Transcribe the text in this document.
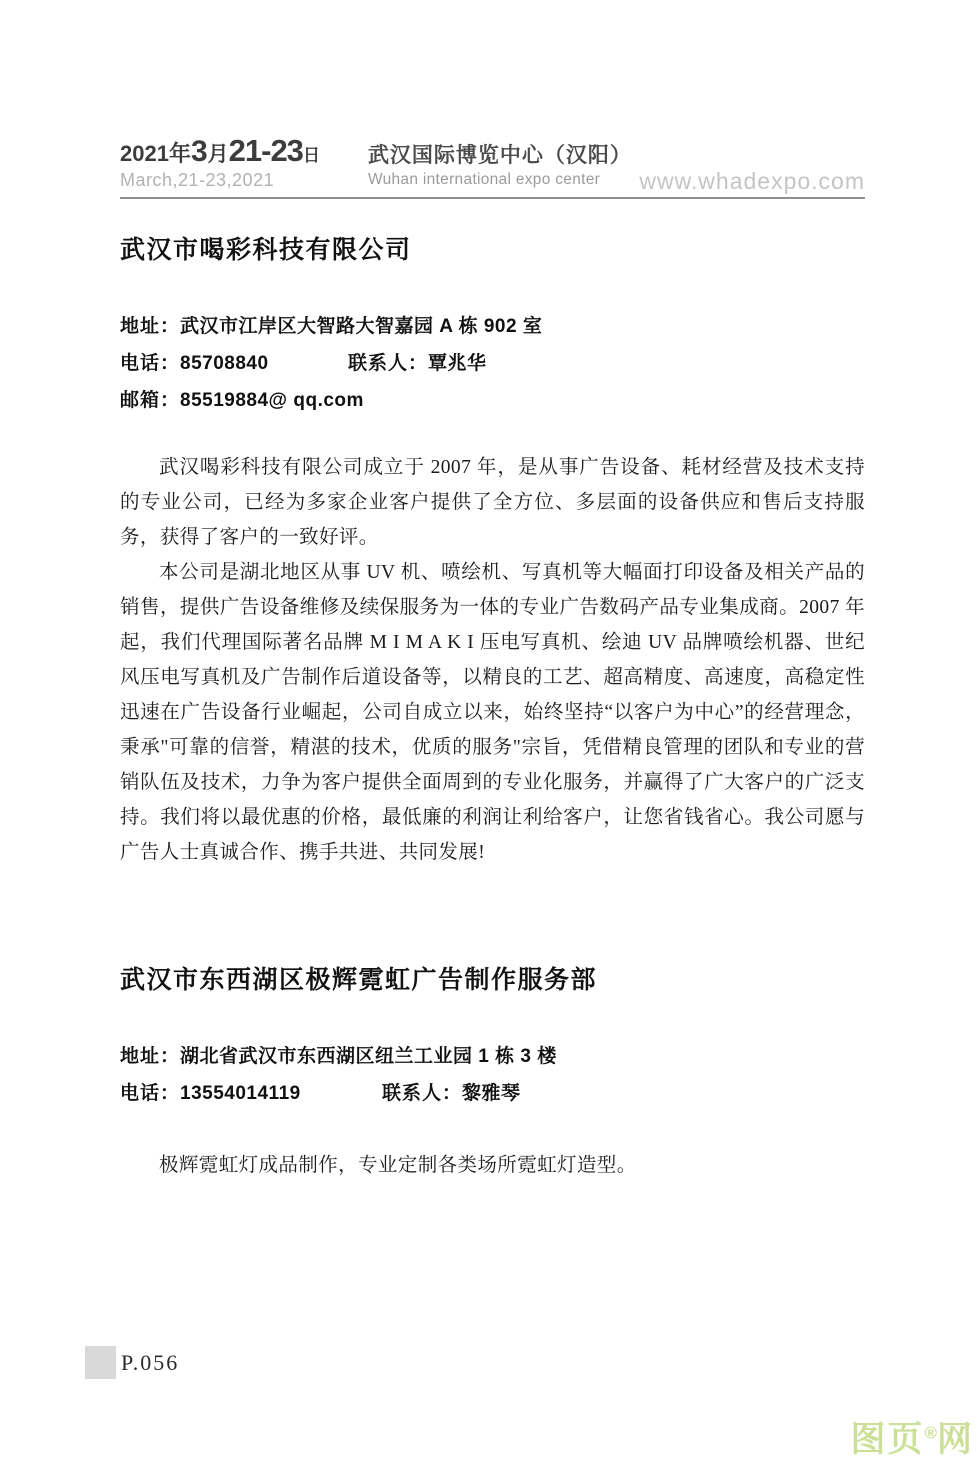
2021年 3 月 21-23 日
March,21-23,2021
武汉国际博览中心（汉阳）
Wuhan international expo center	www.whadexpo.com
武汉市喝彩科技有限公司
地址：武汉市江岸区大智路大智嘉园 A 栋 902 室
电话：85708840	联系人：覃兆华
邮箱：85519884@ qq.com

武汉喝彩科技有限公司成立于 2007 年，是从事广告设备、耗材经营及技术支持的专业公司，已经为多家企业客户提供了全方位、多层面的设备供应和售后支持服务，获得了客户的一致好评。

本公司是湖北地区从事 UV 机、喷绘机、写真机等大幅面打印设备及相关产品的销售，提供广告设备维修及续保服务为一体的专业广告数码产品专业集成商。2007 年起，我们代理国际著名品牌 M I M A K I 压电写真机、绘迪 UV 品牌喷绘机器、世纪风压电写真机及广告制作后道设备等，以精良的工艺、超高精度、高速度，高稳定性迅速在广告设备行业崛起，公司自成立以来，始终坚持“以客户为中心”的经营理念，秉承"可靠的信誉，精湛的技术，优质的服务"宗旨，凭借精良管理的团队和专业的营销队伍及技术，力争为客户提供全面周到的专业化服务，并赢得了广大客户的广泛支持。我们将以最优惠的价格，最低廉的利润让利给客户，让您省钱省心。我公司愿与广告人士真诚合作、携手共进、共同发展!

武汉市东西湖区极辉霓虹广告制作服务部
地址：湖北省武汉市东西湖区纽兰工业园 1 栋 3 楼
电话：13554014119	联系人：黎雅琴

极辉霓虹灯成品制作，专业定制各类场所霓虹灯造型。

P.056
图页®网
